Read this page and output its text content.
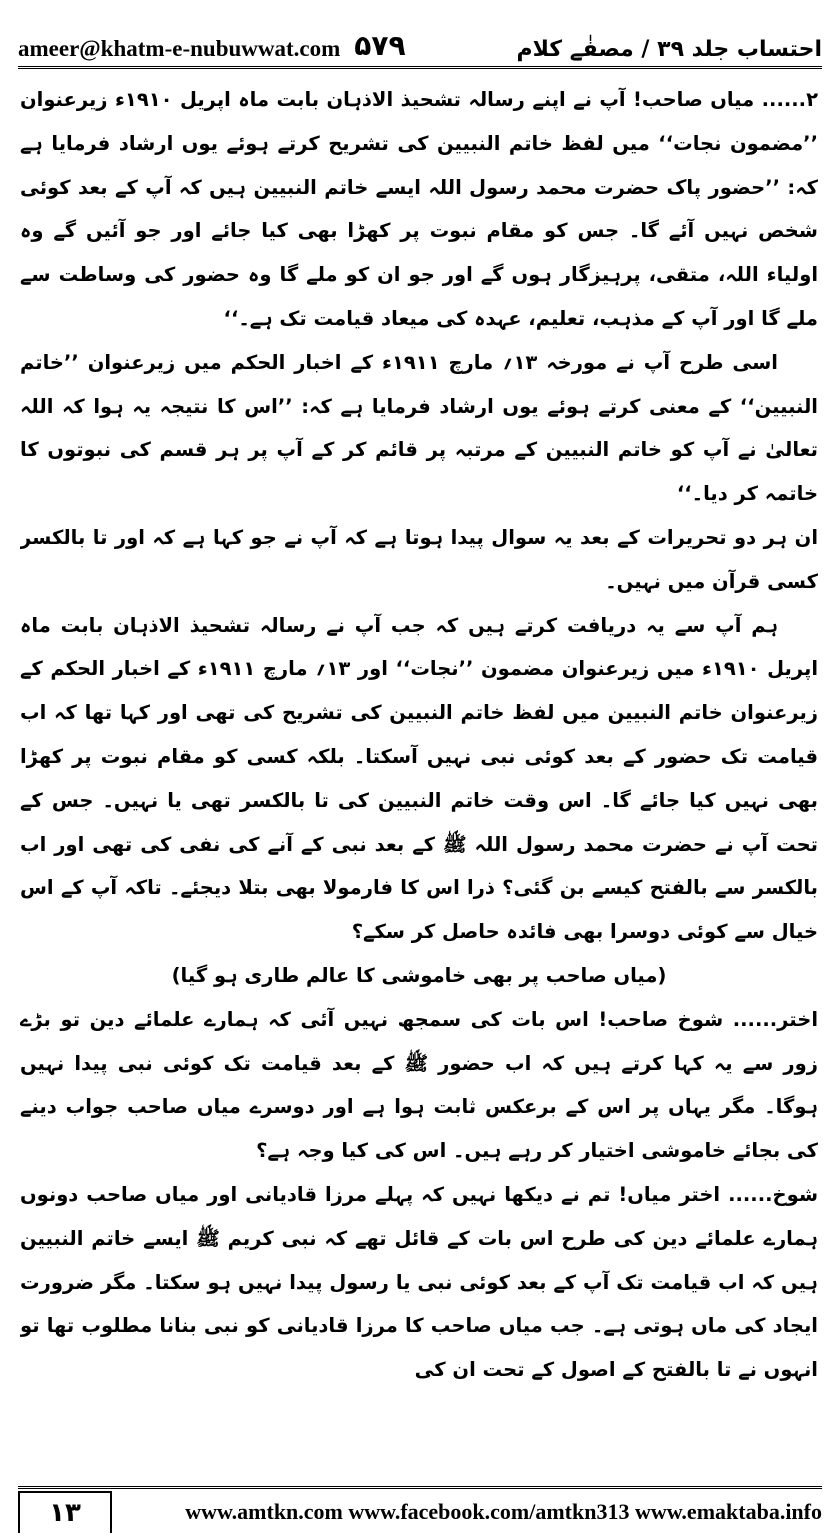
ameer@khatm-e-nubuwwat.com ۵۷۹	احتساب جلد ۳۹ / مصفٰے کلام

۲...... میاں صاحب! آپ نے اپنے رسالہ تشحیذ الاذہان بابت ماہ اپریل ۱۹۱۰ء زیرعنوان ’’مضمون نجات‘‘ میں لفظ خاتم النبیین کی تشریح کرتے ہوئے یوں ارشاد فرمایا ہے کہ: ’’حضور پاک حضرت محمد رسول اللہ ایسے خاتم النبیین ہیں کہ آپ کے بعد کوئی شخص نہیں آئے گا۔ جس کو مقام نبوت پر کھڑا بھی کیا جائے اور جو آئیں گے وہ اولیاء اللہ، متقی، پرہیزگار ہوں گے اور جو ان کو ملے گا وہ حضور کی وساطت سے ملے گا اور آپ کے مذہب، تعلیم، عہدہ کی میعاد قیامت تک ہے۔‘‘

اسی طرح آپ نے مورخہ ۱۳؍ مارچ ۱۹۱۱ء کے اخبار الحکم میں زیرعنوان ’’خاتم النبیین‘‘ کے معنی کرتے ہوئے یوں ارشاد فرمایا ہے کہ: ’’اس کا نتیجہ یہ ہوا کہ اللہ تعالیٰ نے آپ کو خاتم النبیین کے مرتبہ پر قائم کر کے آپ پر ہر قسم کی نبوتوں کا خاتمہ کر دیا۔‘‘

ان ہر دو تحریرات کے بعد یہ سوال پیدا ہوتا ہے کہ آپ نے جو کہا ہے کہ اور تا بالکسر کسی قرآن میں نہیں۔

ہم آپ سے یہ دریافت کرتے ہیں کہ جب آپ نے رسالہ تشحیذ الاذہان بابت ماہ اپریل ۱۹۱۰ء میں زیرعنوان مضمون ’’نجات‘‘ اور ۱۳؍ مارچ ۱۹۱۱ء کے اخبار الحکم کے زیرعنوان خاتم النبیین میں لفظ خاتم النبیین کی تشریح کی تھی اور کہا تھا کہ اب قیامت تک حضور کے بعد کوئی نبی نہیں آسکتا۔ بلکہ کسی کو مقام نبوت پر کھڑا بھی نہیں کیا جائے گا۔ اس وقت خاتم النبیین کی تا بالکسر تھی یا نہیں۔ جس کے تحت آپ نے حضرت محمد رسول اللہ ﷺ کے بعد نبی کے آنے کی نفی کی تھی اور اب بالکسر سے بالفتح کیسے بن گئی؟ ذرا اس کا فارمولا بھی بتلا دیجئے۔ تاکہ آپ کے اس خیال سے کوئی دوسرا بھی فائدہ حاصل کر سکے؟

(میاں صاحب پر بھی خاموشی کا عالم طاری ہو گیا)

اختر...... شوخ صاحب! اس بات کی سمجھ نہیں آئی کہ ہمارے علمائے دین تو بڑے زور سے یہ کہا کرتے ہیں کہ اب حضور ﷺ کے بعد قیامت تک کوئی نبی پیدا نہیں ہوگا۔ مگر یہاں پر اس کے برعکس ثابت ہوا ہے اور دوسرے میاں صاحب جواب دینے کی بجائے خاموشی اختیار کر رہے ہیں۔ اس کی کیا وجہ ہے؟

شوخ...... اختر میاں! تم نے دیکھا نہیں کہ پہلے مرزا قادیانی اور میاں صاحب دونوں ہمارے علمائے دین کی طرح اس بات کے قائل تھے کہ نبی کریم ﷺ ایسے خاتم النبیین ہیں کہ اب قیامت تک آپ کے بعد کوئی نبی یا رسول پیدا نہیں ہو سکتا۔ مگر ضرورت ایجاد کی ماں ہوتی ہے۔ جب میاں صاحب کا مرزا قادیانی کو نبی بنانا مطلوب تھا تو انہوں نے تا بالفتح کے اصول کے تحت ان کی

۱۳	www.amtkn.com www.facebook.com/amtkn313 www.emaktaba.info
